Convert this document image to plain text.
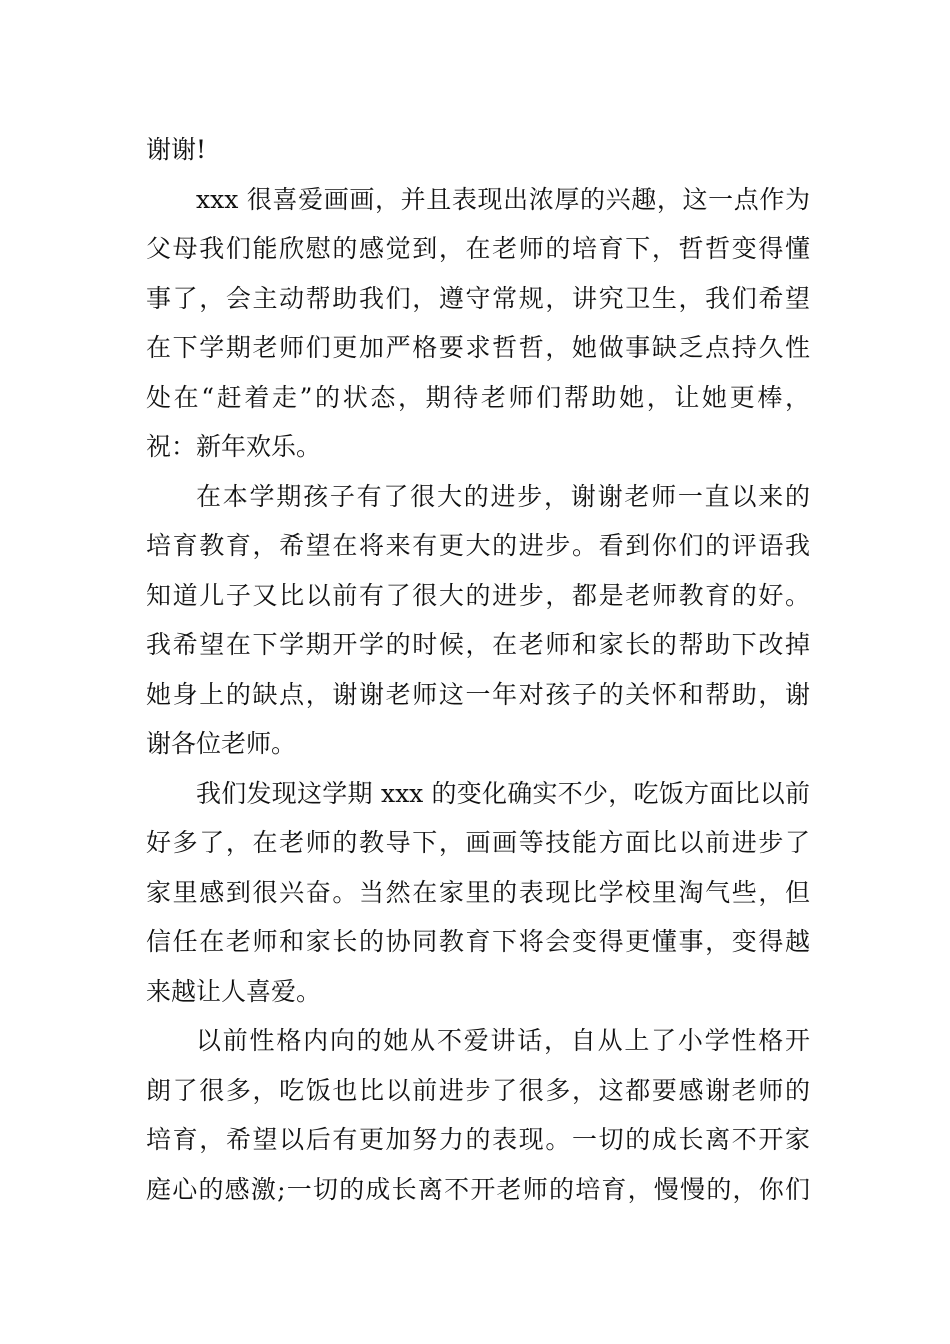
谢谢!
xxx 很喜爱画画，并且表现出浓厚的兴趣，这一点作为
父母我们能欣慰的感觉到，在老师的培育下，哲哲变得懂
事了，会主动帮助我们，遵守常规，讲究卫生，我们希望
在下学期老师们更加严格要求哲哲，她做事缺乏点持久性
处在“赶着走”的状态，期待老师们帮助她，让她更棒，
祝：新年欢乐。
在本学期孩子有了很大的进步，谢谢老师一直以来的
培育教育，希望在将来有更大的进步。看到你们的评语我
知道儿子又比以前有了很大的进步，都是老师教育的好。
我希望在下学期开学的时候，在老师和家长的帮助下改掉
她身上的缺点，谢谢老师这一年对孩子的关怀和帮助，谢
谢各位老师。
我们发现这学期 xxx 的变化确实不少，吃饭方面比以前
好多了，在老师的教导下，画画等技能方面比以前进步了
家里感到很兴奋。当然在家里的表现比学校里淘气些，但
信任在老师和家长的协同教育下将会变得更懂事，变得越
来越让人喜爱。
以前性格内向的她从不爱讲话，自从上了小学性格开
朗了很多，吃饭也比以前进步了很多，这都要感谢老师的
培育，希望以后有更加努力的表现。一切的成长离不开家
庭心的感激;一切的成长离不开老师的培育，慢慢的，你们
